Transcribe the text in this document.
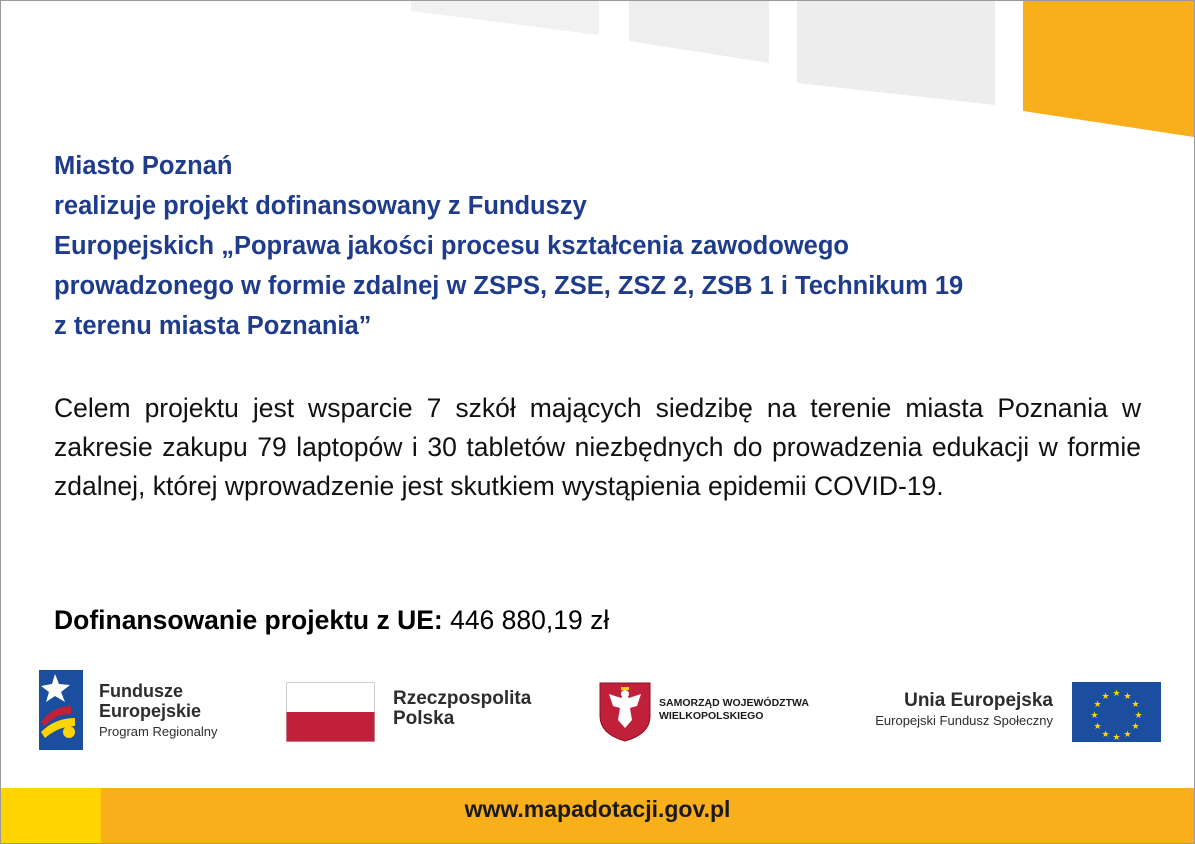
Miasto Poznań
realizuje projekt dofinansowany z Funduszy
Europejskich „Poprawa jakości procesu kształcenia zawodowego
prowadzonego w formie zdalnej w ZSPS, ZSE, ZSZ 2, ZSB 1 i Technikum 19
z terenu miasta Poznania”
Celem projektu jest wsparcie 7 szkół mających siedzibę na terenie miasta Poznania w zakresie zakupu 79 laptopów i 30 tabletów niezbędnych do prowadzenia edukacji w formie zdalnej, której wprowadzenie jest skutkiem wystąpienia epidemii COVID-19.
Dofinansowanie projektu z UE: 446 880,19 zł
Fundusze
Europejskie
Program Regionalny
Rzeczpospolita
Polska
SAMORZĄD WOJEWÓDZTWA
WIELKOPOLSKIEGO
Unia Europejska
Europejski Fundusz Społeczny
★ ★
★
★
★
★
★
★
★
★
★
★
www.mapadotacji.gov.pl
